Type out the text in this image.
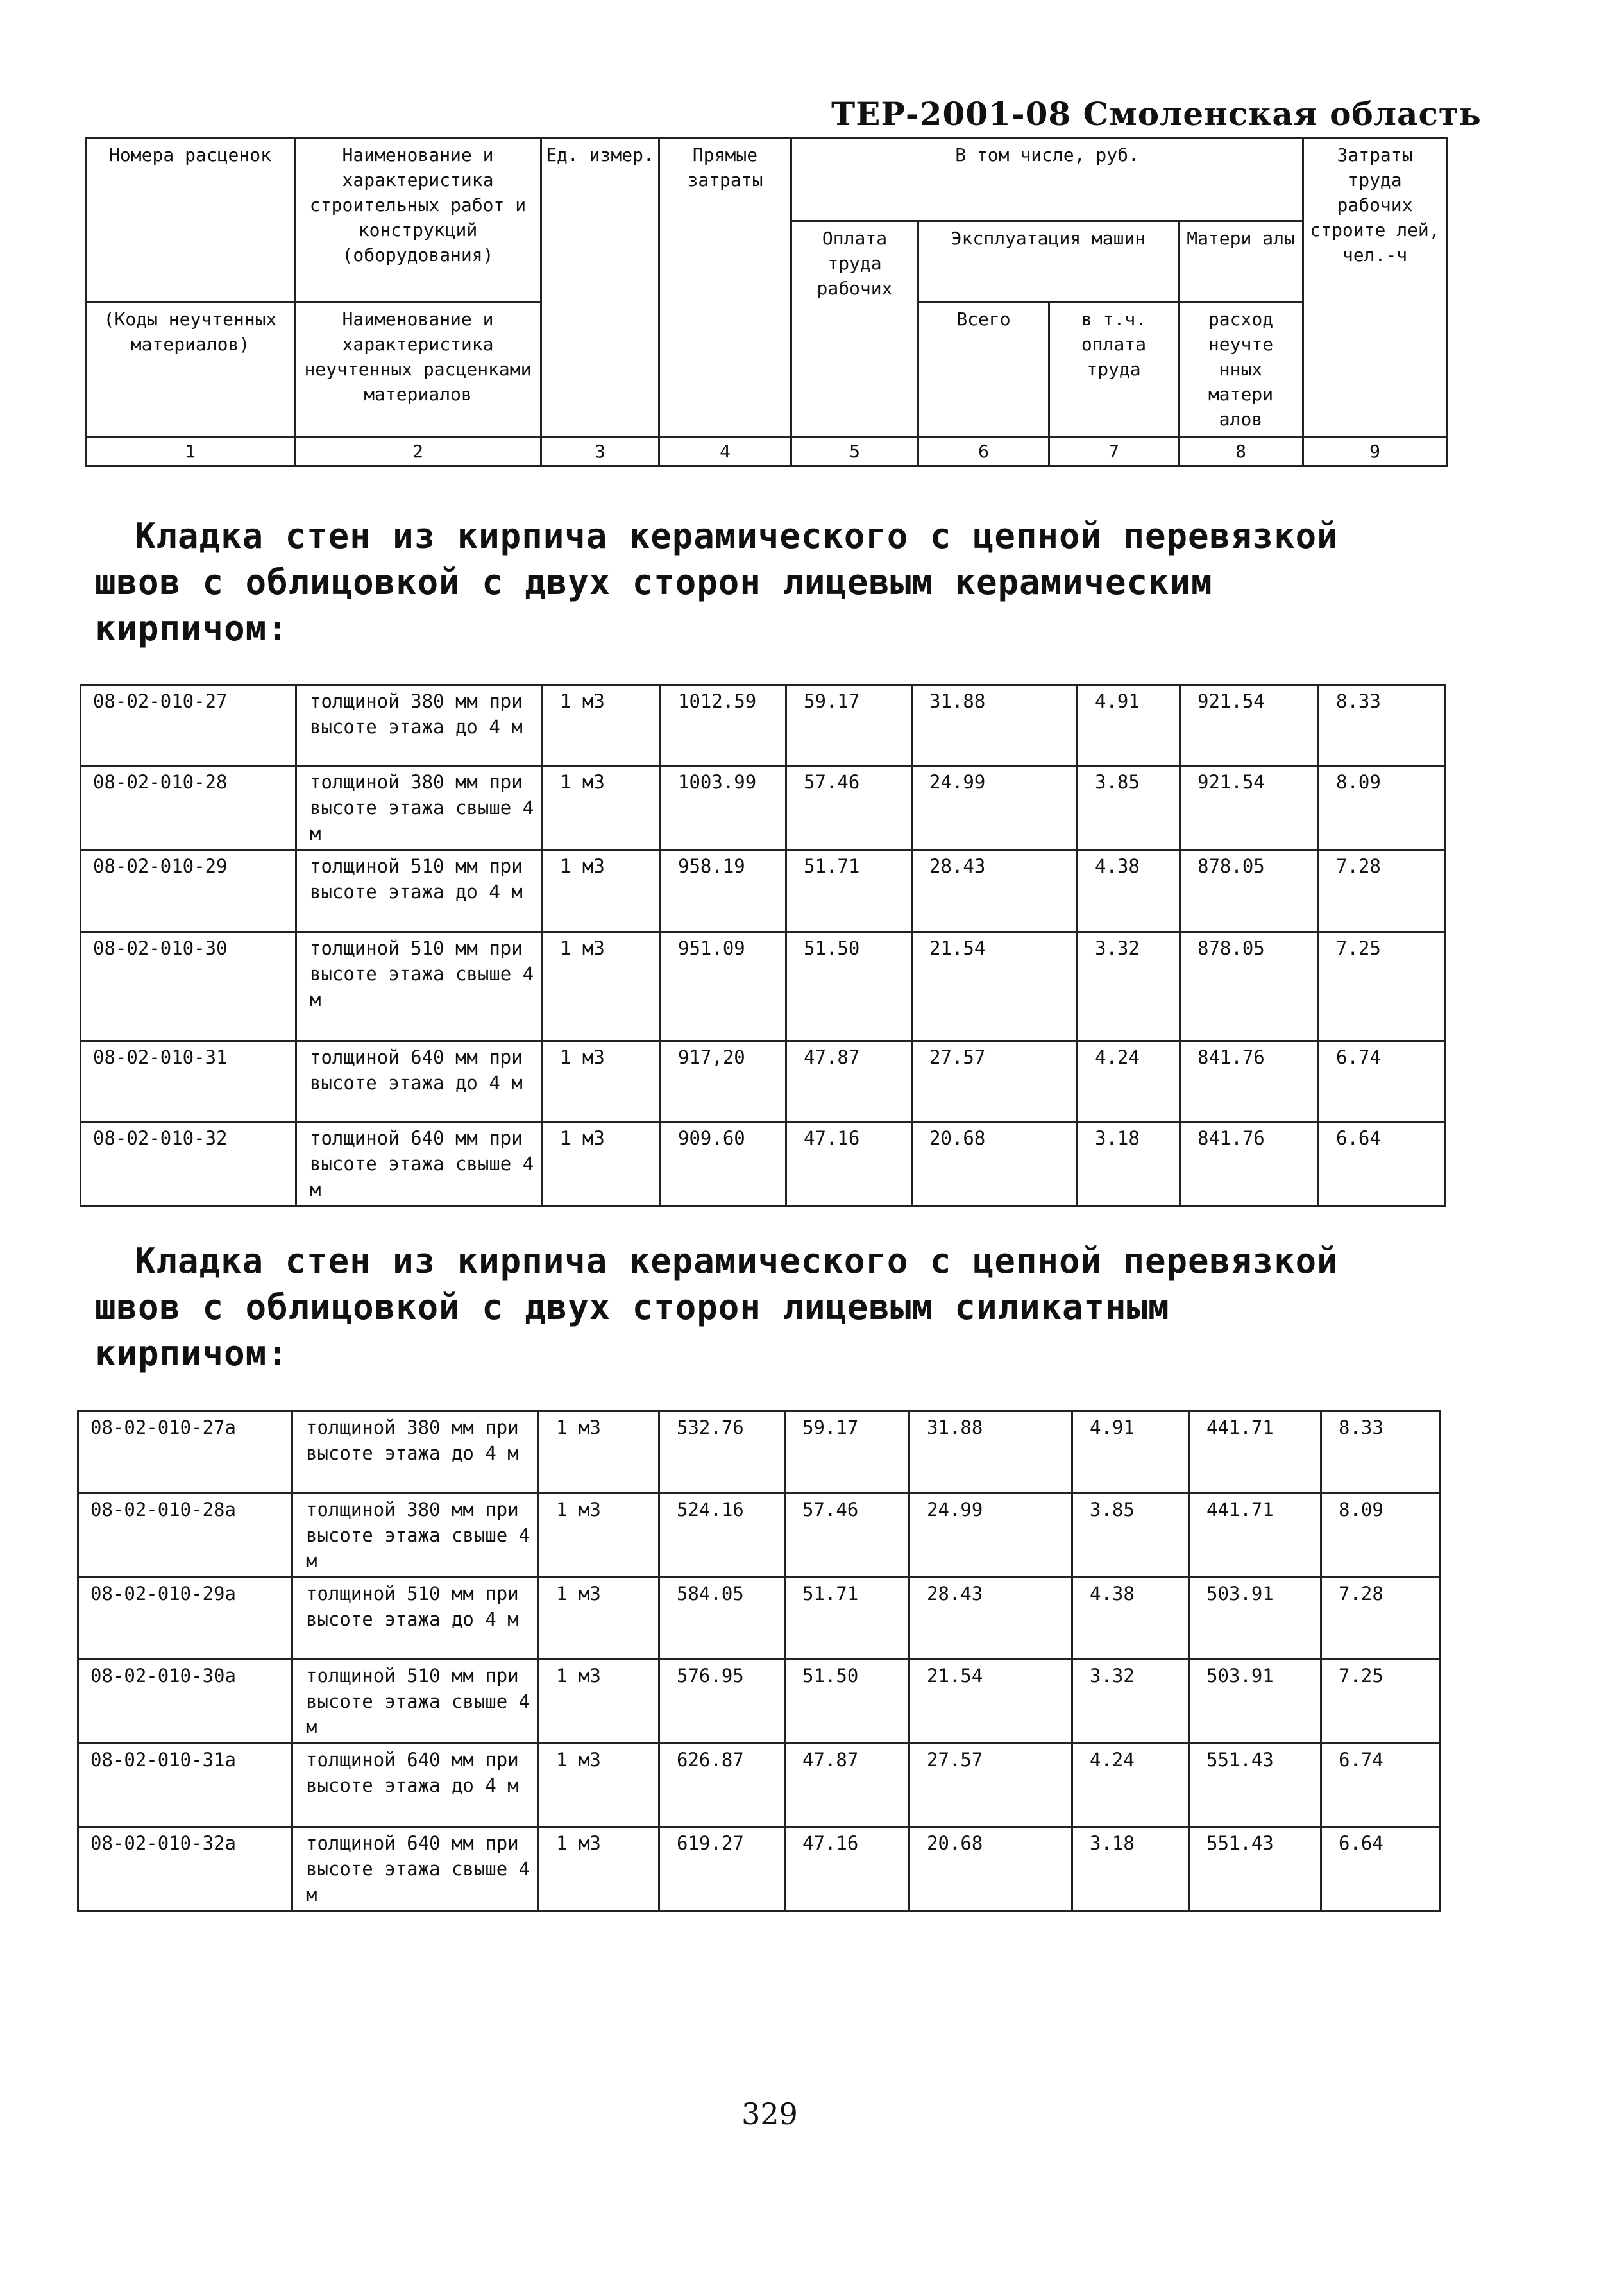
ТЕР-2001-08 Смоленская область
Номера расценок	Наименование и характеристика строительных работ и конструкций (оборудования)	Ед. измер.	Прямые затраты	В том числе, руб.				Затраты труда рабочих строите лей, чел.-ч
				Оплата труда рабочих	Эксплуатация машин		Матери алы	
(Коды неучтенных материалов)	Наименование и характеристика неучтенных расценками материалов				Всего	в т.ч. оплата труда	расход неучте нных матери алов	

1	2	3	4	5	6	7	8	9
Кладка стен из кирпича керамического с цепной перевязкой
швов с облицовкой с двух сторон лицевым керамическим
кирпичом:
08-02-010-27	толщиной 380 мм при высоте этажа до 4 м	1 м3	1012.59	59.17	31.88	4.91	921.54	8.33
08-02-010-28	толщиной 380 мм при высоте этажа свыше 4 м	1 м3	1003.99	57.46	24.99	3.85	921.54	8.09
08-02-010-29	толщиной 510 мм при высоте этажа до 4 м	1 м3	958.19	51.71	28.43	4.38	878.05	7.28
08-02-010-30	толщиной 510 мм при высоте этажа свыше 4 м	1 м3	951.09	51.50	21.54	3.32	878.05	7.25
08-02-010-31	толщиной 640 мм при высоте этажа до 4 м	1 м3	917,20	47.87	27.57	4.24	841.76	6.74
08-02-010-32	толщиной 640 мм при высоте этажа свыше 4 м	1 м3	909.60	47.16	20.68	3.18	841.76	6.64
Кладка стен из кирпича керамического с цепной перевязкой
швов с облицовкой с двух сторон лицевым силикатным
кирпичом:
08-02-010-27а	толщиной 380 мм при высоте этажа до 4 м	1 м3	532.76	59.17	31.88	4.91	441.71	8.33
08-02-010-28а	толщиной 380 мм при высоте этажа свыше 4 м	1 м3	524.16	57.46	24.99	3.85	441.71	8.09
08-02-010-29а	толщиной 510 мм при высоте этажа до 4 м	1 м3	584.05	51.71	28.43	4.38	503.91	7.28
08-02-010-30а	толщиной 510 мм при высоте этажа свыше 4 м	1 м3	576.95	51.50	21.54	3.32	503.91	7.25
08-02-010-31а	толщиной 640 мм при высоте этажа до 4 м	1 м3	626.87	47.87	27.57	4.24	551.43	6.74
08-02-010-32а	толщиной 640 мм при высоте этажа свыше 4 м	1 м3	619.27	47.16	20.68	3.18	551.43	6.64
329
